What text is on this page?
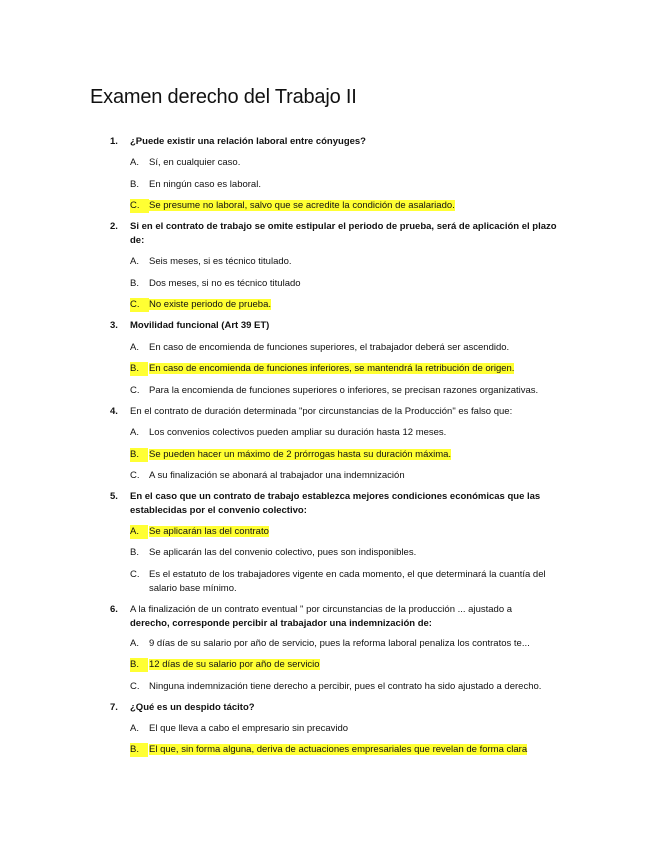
Examen derecho del Trabajo II
1. ¿Puede existir una relación laboral entre cónyuges?
A. Sí, en cualquier caso.
B. En ningún caso es laboral.
C.	Se presume no laboral, salvo que se acredite la condición de asalariado.
2. Si en el contrato de trabajo se omite estipular el periodo de prueba, será de aplicación el plazo
de:
A. Seis meses, si es técnico titulado.
B. Dos meses, si no es técnico titulado
C.	No existe periodo de prueba.
3. Movilidad funcional (Art 39 ET)
A. En caso de encomienda de funciones superiores, el trabajador deberá ser ascendido.
B.	En caso de encomienda de funciones inferiores, se mantendrá la retribución de origen.
C. Para la encomienda de funciones superiores o inferiores, se precisan razones organizativas.
4. En el contrato de duración determinada "por circunstancias de la Producción" es falso que:
A. Los convenios colectivos pueden ampliar su duración hasta 12 meses.
B.	Se pueden hacer un máximo de 2 prórrogas hasta su duración máxima.
C. A su finalización se abonará al trabajador una indemnización
5. En el caso que un contrato de trabajo establezca mejores condiciones económicas que las
establecidas por el convenio colectivo:
A.	Se aplicarán las del contrato
B. Se aplicarán las del convenio colectivo, pues son indisponibles.
C. Es el estatuto de los trabajadores vigente en cada momento, el que determinará la cuantía del
salario base mínimo.
6. A la finalización de un contrato eventual " por circunstancias de la producción ... ajustado a
derecho, corresponde percibir al trabajador una indemnización de:
A. 9 días de su salario por año de servicio, pues la reforma laboral penaliza los contratos te...
B.	12 días de su salario por año de servicio
C. Ninguna indemnización tiene derecho a percibir, pues el contrato ha sido ajustado a derecho.
7. ¿Qué es un despido tácito?
A. El que lleva a cabo el empresario sin precavido
B.	El que, sin forma alguna, deriva de actuaciones empresariales que revelan de forma clara
